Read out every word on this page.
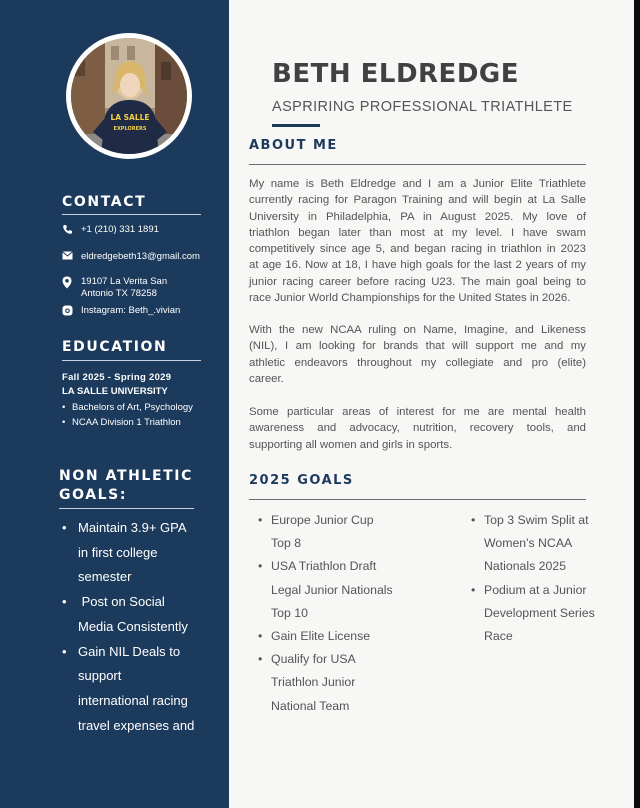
LA SALLE
EXPLORERS
CONTACT
+1 (210) 331 1891
eldredgebeth13@gmail.com
19107 La Verita San
Antonio TX 78258
Instagram: Beth_.vivian
EDUCATION
Fall 2025 - Spring 2029
LA SALLE UNIVERSITY
• Bachelors of Art, Psychology
• NCAA Division 1 Triathlon
NON ATHLETIC
GOALS:
• Maintain 3.9+ GPA
in first college
semester
• Post on Social
Media Consistently
• Gain NIL Deals to
support
international racing
travel expenses and
BETH ELDREDGE
ASPRIRING PROFESSIONAL TRIATHLETE
ABOUT ME
My name is Beth Eldredge and I am a Junior Elite Triathlete
currently racing for Paragon Training and will begin at La Salle
University in Philadelphia, PA in August 2025. My love of
triathlon began later than most at my level. I have swam
competitively since age 5, and began racing in triathlon in 2023
at age 16. Now at 18, I have high goals for the last 2 years of my
junior racing career before racing U23. The main goal being to
race Junior World Championships for the United States in 2026.
With the new NCAA ruling on Name, Imagine, and Likeness
(NIL), I am looking for brands that will support me and my
athletic endeavors throughout my collegiate and pro (elite)
career.
Some particular areas of interest for me are mental health
awareness and advocacy, nutrition, recovery tools, and
supporting all women and girls in sports.
2025 GOALS
• Europe Junior Cup
Top 8
• USA Triathlon Draft
Legal Junior Nationals
Top 10
• Gain Elite License
• Qualify for USA
Triathlon Junior
National Team
• Top 3 Swim Split at
Women's NCAA
Nationals 2025
• Podium at a Junior
Development Series
Race
